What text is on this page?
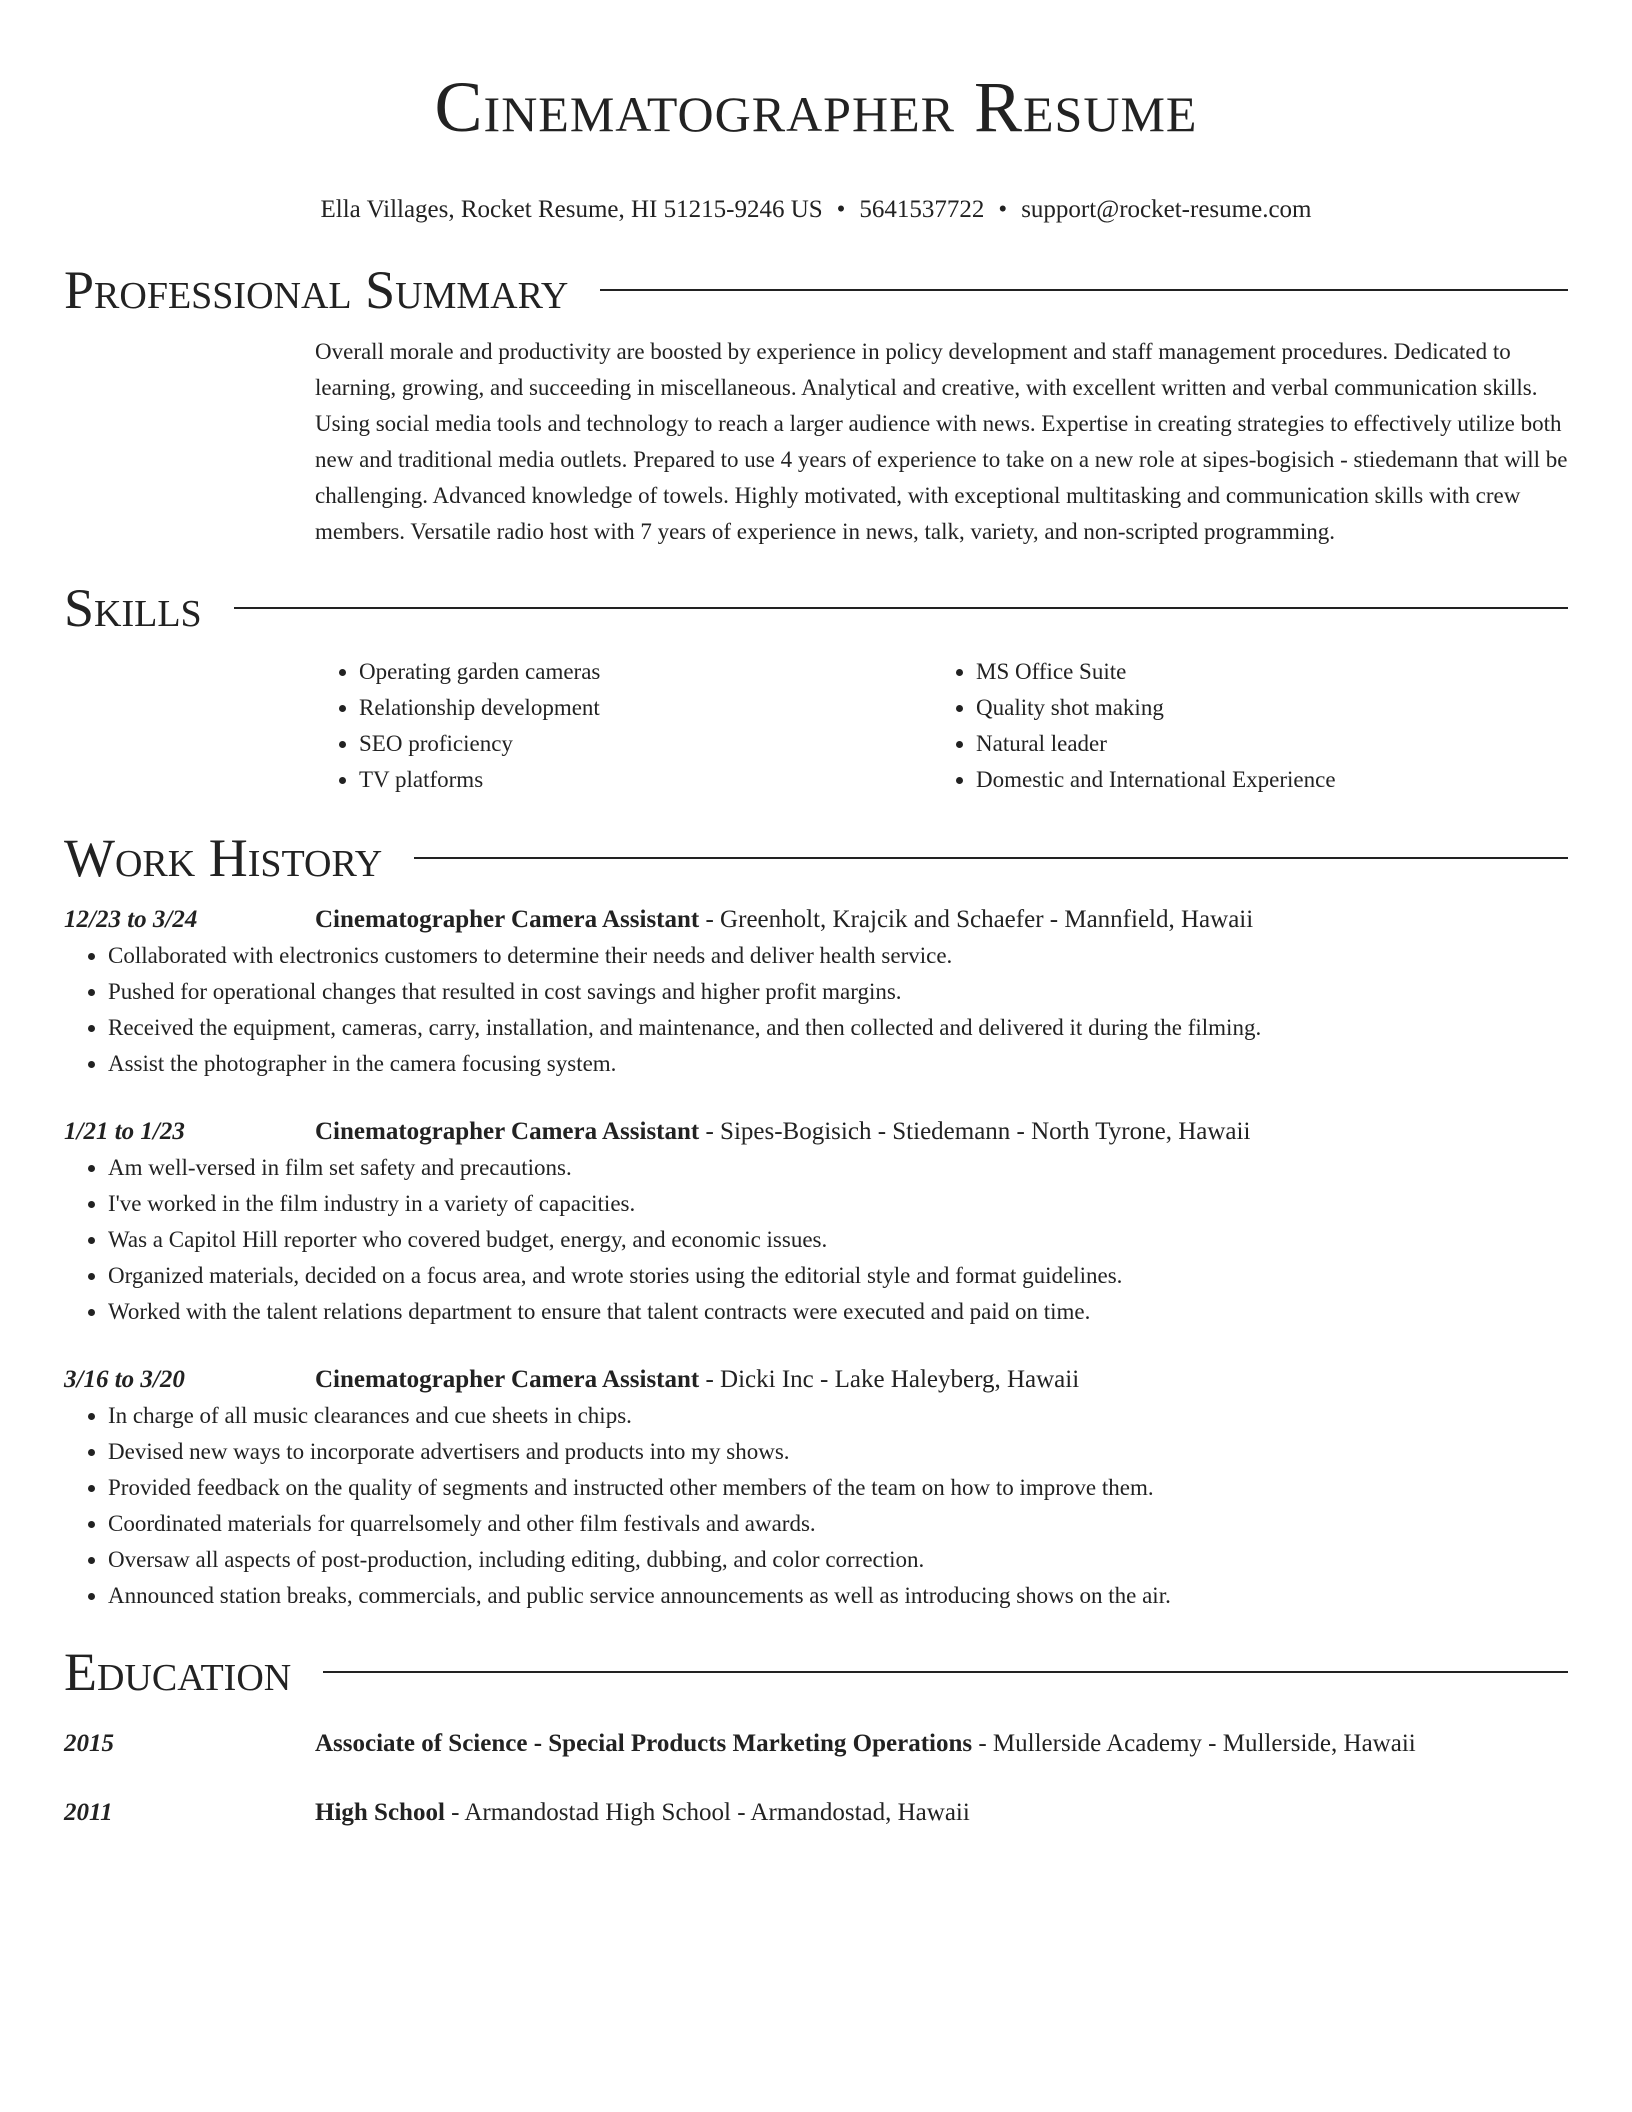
Cinematographer Resume
Ella Villages, Rocket Resume, HI 51215-9246 US • 5641537722 • support@rocket-resume.com
Professional Summary

Overall morale and productivity are boosted by experience in policy development and staff management procedures. Dedicated to learning, growing, and succeeding in miscellaneous. Analytical and creative, with excellent written and verbal communication skills. Using social media tools and technology to reach a larger audience with news. Expertise in creating strategies to effectively utilize both new and traditional media outlets. Prepared to use 4 years of experience to take on a new role at sipes-bogisich - stiedemann that will be challenging. Advanced knowledge of towels. Highly motivated, with exceptional multitasking and communication skills with crew members. Versatile radio host with 7 years of experience in news, talk, variety, and non-scripted programming.

Skills
• Operating garden cameras
• Relationship development
• SEO proficiency
• TV platforms
• MS Office Suite
• Quality shot making
• Natural leader
• Domestic and International Experience
Work History
12/23 to 3/24	Cinematographer Camera Assistant - Greenholt, Krajcik and Schaefer - Mannfield, Hawaii
• Collaborated with electronics customers to determine their needs and deliver health service.
• Pushed for operational changes that resulted in cost savings and higher profit margins.
• Received the equipment, cameras, carry, installation, and maintenance, and then collected and delivered it during the filming.
• Assist the photographer in the camera focusing system.
1/21 to 1/23	Cinematographer Camera Assistant - Sipes-Bogisich - Stiedemann - North Tyrone, Hawaii
• Am well-versed in film set safety and precautions.
• I've worked in the film industry in a variety of capacities.
• Was a Capitol Hill reporter who covered budget, energy, and economic issues.
• Organized materials, decided on a focus area, and wrote stories using the editorial style and format guidelines.
• Worked with the talent relations department to ensure that talent contracts were executed and paid on time.
3/16 to 3/20	Cinematographer Camera Assistant - Dicki Inc - Lake Haleyberg, Hawaii
• In charge of all music clearances and cue sheets in chips.
• Devised new ways to incorporate advertisers and products into my shows.
• Provided feedback on the quality of segments and instructed other members of the team on how to improve them.
• Coordinated materials for quarrelsomely and other film festivals and awards.
• Oversaw all aspects of post-production, including editing, dubbing, and color correction.
• Announced station breaks, commercials, and public service announcements as well as introducing shows on the air.
Education
2015	Associate of Science - Special Products Marketing Operations - Mullerside Academy - Mullerside, Hawaii
2011	High School - Armandostad High School - Armandostad, Hawaii
